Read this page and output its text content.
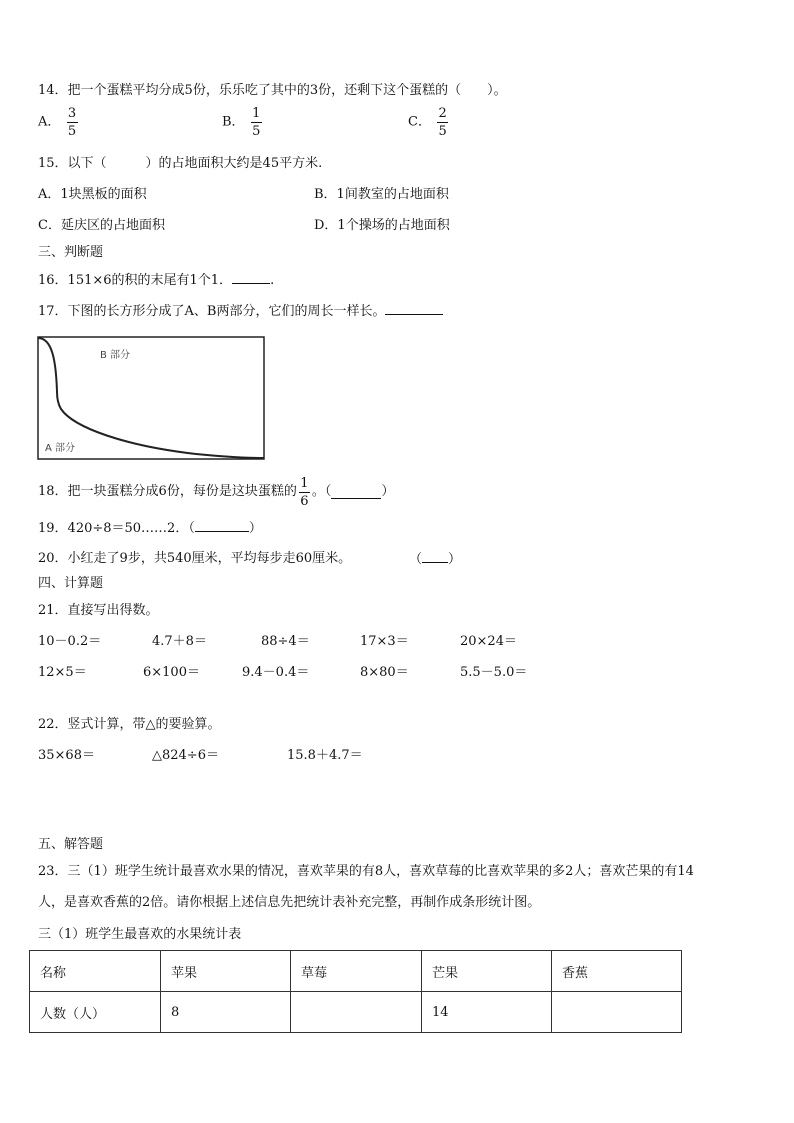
14．把一个蛋糕平均分成5份，乐乐吃了其中的3份，还剩下这个蛋糕的（　　）。
A． $\frac{3}{5}$	B． $\frac{1}{5}$	C． $\frac{2}{5}$
15．以下（　　　）的占地面积大约是45平方米.
A．1块黑板的面积	B．1间教室的占地面积
C．延庆区的占地面积	D．1个操场的占地面积
三、判断题
16．151×6的积的末尾有1个1．	.
17．下图的长方形分成了A、B两部分，它们的周长一样长。
B 部分
A 部分
18．把一块蛋糕分成6份，每份是这块蛋糕的 $\frac{1}{6}$ 。（	）
19．420÷8＝50……2．（	）
20．小红走了9步，共540厘米，平均每步走60厘米。	（ ）
四、计算题
21．直接写出得数。
10－0.2＝	4.7＋8＝	88÷4＝	17×3＝	20×24＝
12×5＝	6×100＝	9.4－0.4＝	8×80＝	5.5－5.0＝
22．竖式计算，带△的要验算。
35×68＝	△824÷6＝	15.8＋4.7＝
五、解答题
23．三（1）班学生统计最喜欢水果的情况，喜欢苹果的有8人，喜欢草莓的比喜欢苹果的多2人；喜欢芒果的有14
人，是喜欢香蕉的2倍。请你根据上述信息先把统计表补充完整，再制作成条形统计图。
三（1）班学生最喜欢的水果统计表
名称	苹果	草莓	芒果	香蕉
人数（人）	8		14	
